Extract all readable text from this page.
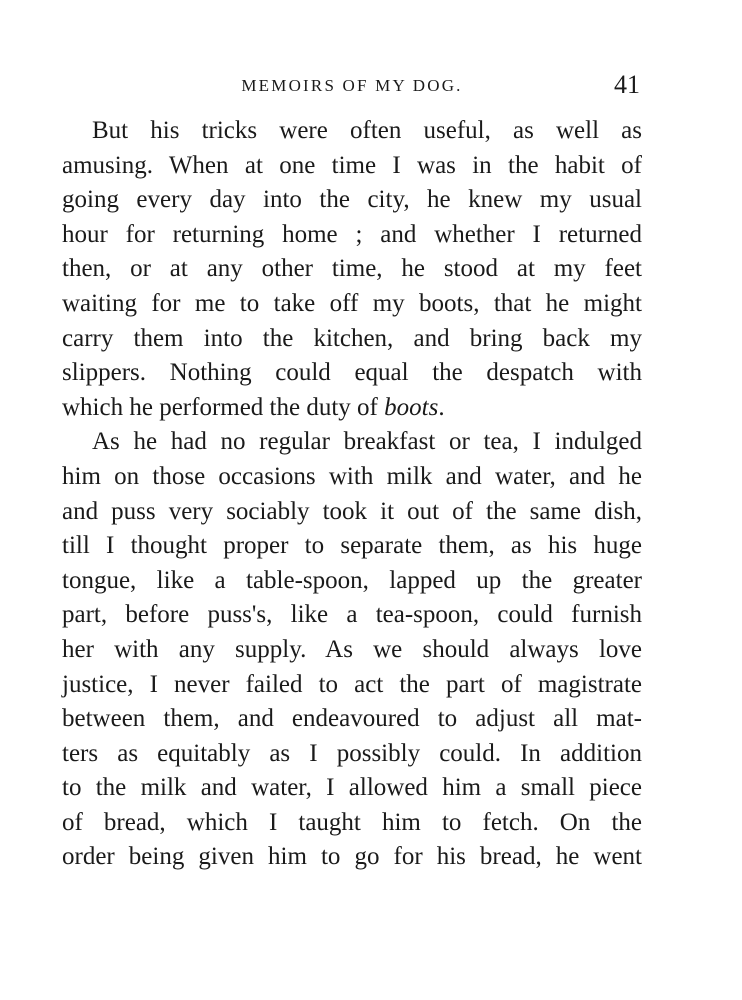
MEMOIRS OF MY DOG.	41
But his tricks were often useful, as well as
amusing. When at one time I was in the habit of
going every day into the city, he knew my usual
hour for returning home ; and whether I returned
then, or at any other time, he stood at my feet
waiting for me to take off my boots, that he might
carry them into the kitchen, and bring back my
slippers. Nothing could equal the despatch with
which he performed the duty of boots.
As he had no regular breakfast or tea, I indulged
him on those occasions with milk and water, and he
and puss very sociably took it out of the same dish,
till I thought proper to separate them, as his huge
tongue, like a table-spoon, lapped up the greater
part, before puss's, like a tea-spoon, could furnish
her with any supply. As we should always love
justice, I never failed to act the part of magistrate
between them, and endeavoured to adjust all mat-
ters as equitably as I possibly could. In addition
to the milk and water, I allowed him a small piece
of bread, which I taught him to fetch. On the
order being given him to go for his bread, he went
